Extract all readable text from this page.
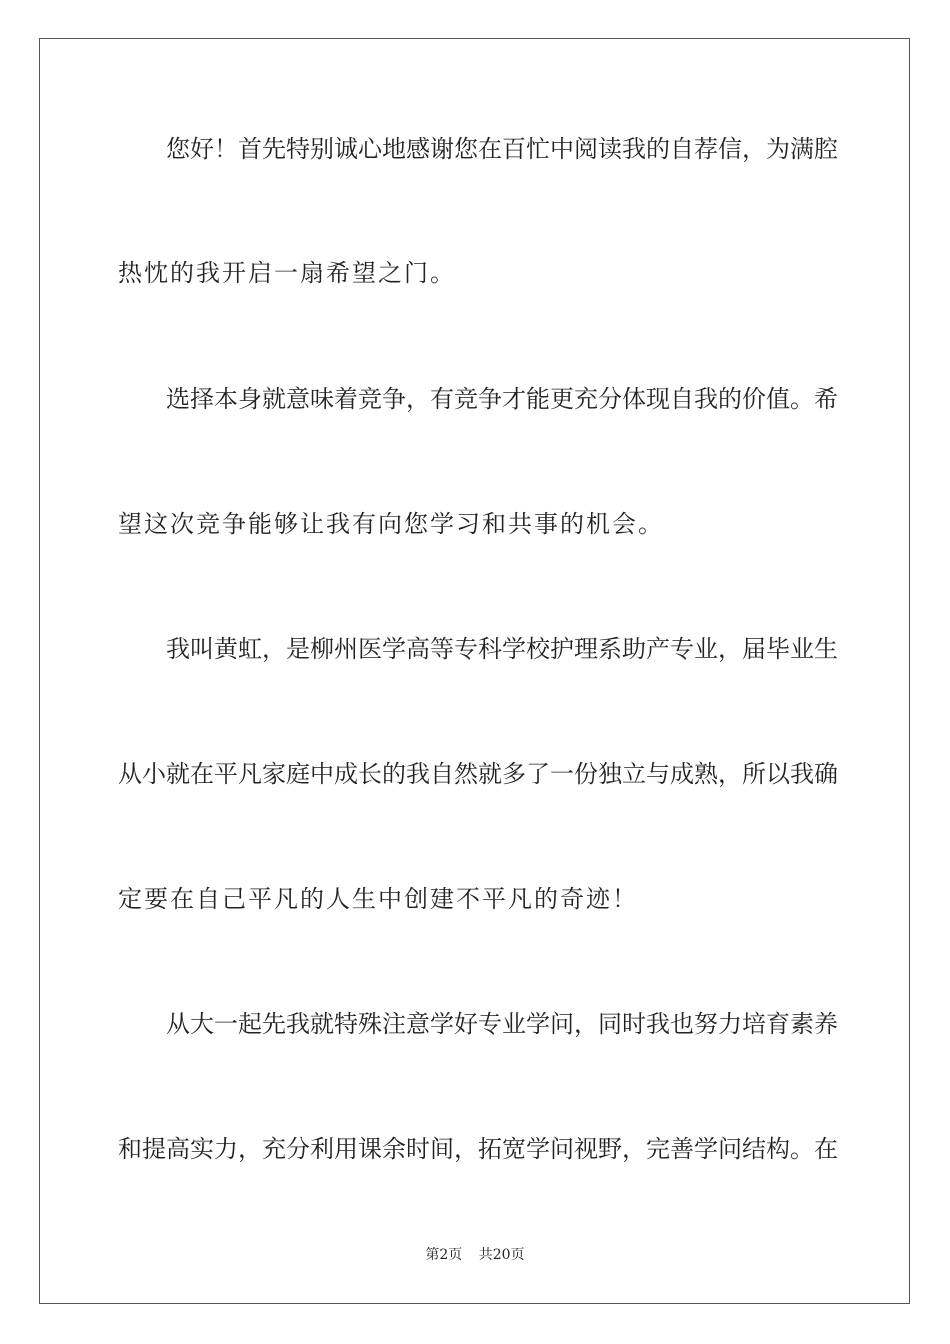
您 好 ！ 首 先 特 别 诚 心 地 感 谢 您 在 百 忙 中 阅 读 我 的 自 荐 信 ， 为 满 腔
热忱的我开启一扇希望之门。
选 择 本 身 就 意 味 着 竞 争 ， 有 竞 争 才 能 更 充 分 体 现 自 我 的 价 值 。 希
望这次竞争能够让我有向您学习和共事的机会。
我 叫 黄 虹 ， 是 柳 州 医 学 高 等 专 科 学 校 护 理 系 助 产 专 业 ， 届 毕 业 生
从 小 就 在 平 凡 家 庭 中 成 长 的 我 自 然 就 多 了 一 份 独 立 与 成 熟 ， 所 以 我 确
定要在自己平凡的人生中创建不平凡的奇迹！
从 大 一 起 先 我 就 特 殊 注 意 学 好 专 业 学 问 ， 同 时 我 也 努 力 培 育 素 养
和 提 高 实 力 ， 充 分 利 用 课 余 时 间 ， 拓 宽 学 问 视 野 ， 完 善 学 问 结 构 。 在
第2页 共20页
